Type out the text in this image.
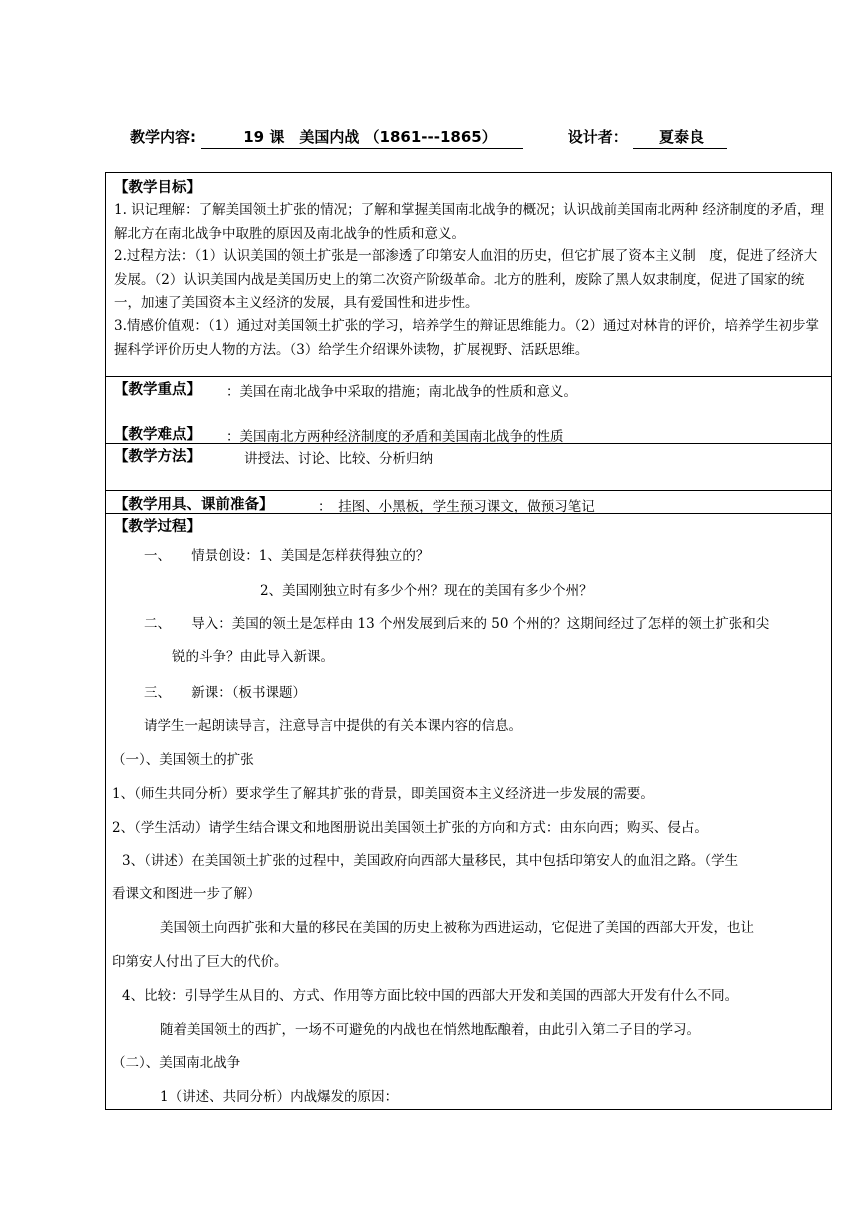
教学内容:	19 课　美国内战 （1861---1865）	设计者： 夏泰良
【教学目标】
1. 识记理解：了解美国领土扩张的情况；了解和掌握美国南北战争的概况；认识战前美国南北两种 经济制度的矛盾，理解北方在南北战争中取胜的原因及南北战争的性质和意义。
2.过程方法：（1）认识美国的领土扩张是一部渗透了印第安人血泪的历史，但它扩展了资本主义制　度，促进了经济大发展。（2）认识美国内战是美国历史上的第二次资产阶级革命。北方的胜利，废除了黑人奴隶制度，促进了国家的统一，加速了美国资本主义经济的发展，具有爱国性和进步性。
3.情感价值观：（1）通过对美国领土扩张的学习，培养学生的辩证思维能力。（2）通过对林肯的评价，培养学生初步掌握科学评价历史人物的方法。（3）给学生介绍课外读物，扩展视野、活跃思维。
【教学重点】 ：美国在南北战争中采取的措施；南北战争的性质和意义。
【教学难点】 ：美国南北方两种经济制度的矛盾和美国南北战争的性质
【教学方法】	讲授法、讨论、比较、分析归纳
【教学用具、课前准备】	：　挂图、小黑板，学生预习课文，做预习笔记
【教学过程】
一、　　情景创设：1、美国是怎样获得独立的？
2、美国刚独立时有多少个州？现在的美国有多少个州？
二、　　导入：美国的领土是怎样由 13 个州发展到后来的 50 个州的？这期间经过了怎样的领土扩张和尖
锐的斗争？由此导入新课。
三、　　新课：（板书课题）
请学生一起朗读导言，注意导言中提供的有关本课内容的信息。
（一）、美国领土的扩张
1、（师生共同分析）要求学生了解其扩张的背景，即美国资本主义经济进一步发展的需要。
2、（学生活动）请学生结合课文和地图册说出美国领土扩张的方向和方式：由东向西；购买、侵占。
3、（讲述）在美国领土扩张的过程中，美国政府向西部大量移民，其中包括印第安人的血泪之路。（学生
看课文和图进一步了解）
美国领土向西扩张和大量的移民在美国的历史上被称为西进运动，它促进了美国的西部大开发，也让
印第安人付出了巨大的代价。
4、比较：引导学生从目的、方式、作用等方面比较中国的西部大开发和美国的西部大开发有什么不同。
随着美国领土的西扩，一场不可避免的内战也在悄然地酝酿着，由此引入第二子目的学习。
（二）、美国南北战争
1（讲述、共同分析）内战爆发的原因：
